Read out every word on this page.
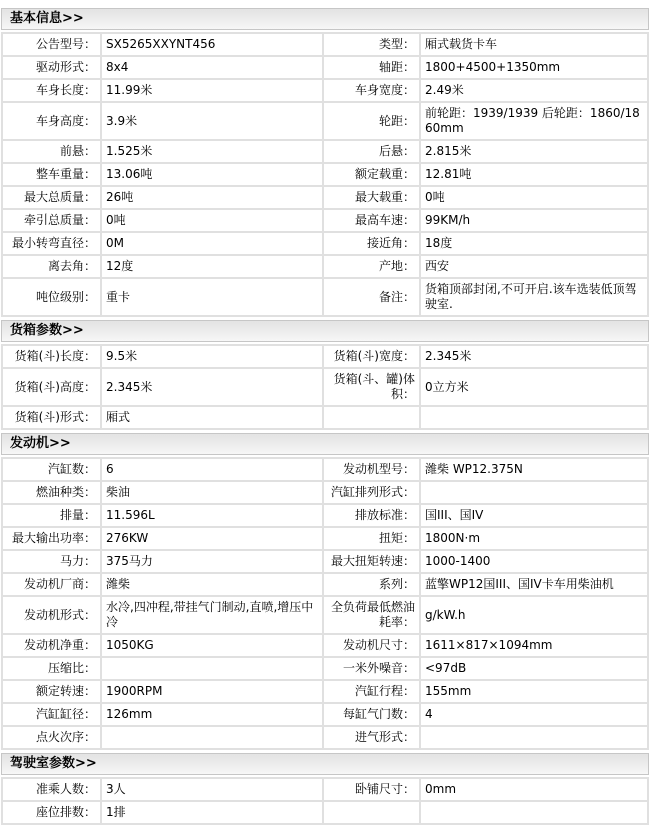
基本信息>>
公告型号：	SX5265XXYNT456	类型：	厢式载货卡车
驱动形式：	8x4	轴距：	1800+4500+1350mm
车身长度：	11.99米	车身宽度：	2.49米
车身高度：	3.9米	轮距：	前轮距：1939/1939 后轮距：1860/1860mm
前悬：	1.525米	后悬：	2.815米
整车重量：	13.06吨	额定载重：	12.81吨
最大总质量：	26吨	最大载重：	0吨
牵引总质量：	0吨	最高车速：	99KM/h
最小转弯直径：	0M	接近角：	18度
离去角：	12度	产地：	西安
吨位级别：	重卡	备注：	货箱顶部封闭,不可开启.该车选装低顶驾驶室.
货箱参数>>
货箱(斗)长度：	9.5米	货箱(斗)宽度：	2.345米
货箱(斗)高度：	2.345米	货箱(斗、罐)体积：	0立方米
货箱(斗)形式：	厢式		
发动机>>
汽缸数：	6	发动机型号：	潍柴 WP12.375N
燃油种类：	柴油	汽缸排列形式：	
排量：	11.596L	排放标准：	国III、国IV
最大输出功率：	276KW	扭矩：	1800N·m
马力：	375马力	最大扭矩转速：	1000-1400
发动机厂商：	潍柴	系列：	蓝擎WP12国III、国IV卡车用柴油机
发动机形式：	水冷,四冲程,带挂气门制动,直喷,增压中冷	全负荷最低燃油耗率：	g/kW.h
发动机净重：	1050KG	发动机尺寸：	1611×817×1094mm
压缩比：		一米外噪音：	<97dB
额定转速：	1900RPM	汽缸行程：	155mm
汽缸缸径：	126mm	每缸气门数：	4
点火次序：		进气形式：	
驾驶室参数>>
准乘人数：	3人	卧铺尺寸：	0mm
座位排数：	1排		
